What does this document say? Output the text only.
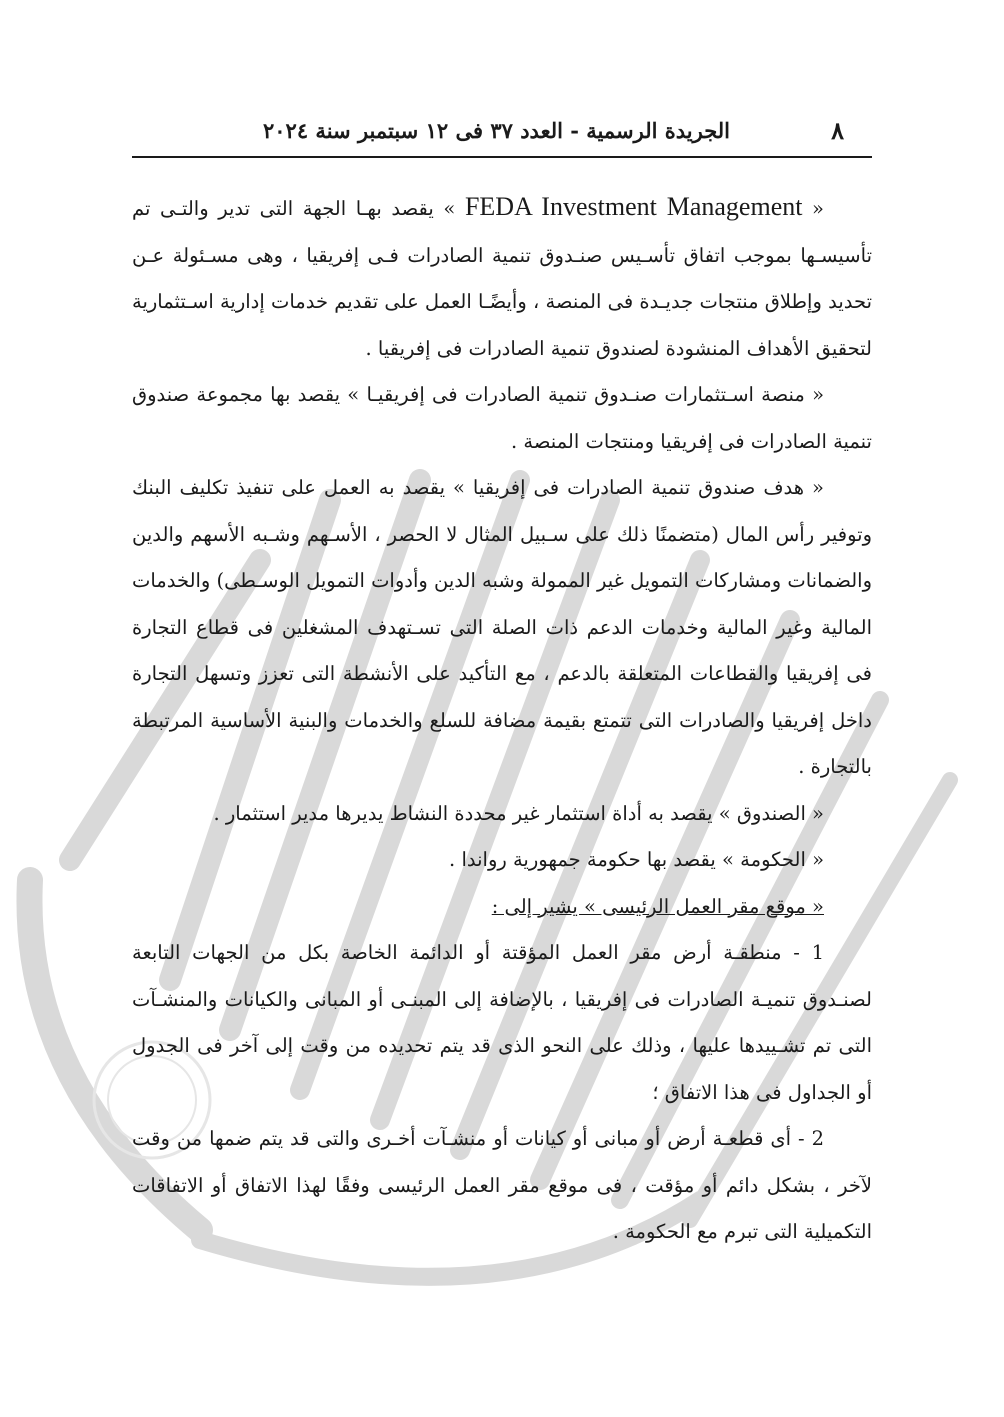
٨
الجريدة الرسمية - العدد ٣٧ فى ١٢ سبتمبر سنة ٢٠٢٤

« FEDA Investment Management » يقصد بهـا الجهة التى تدير والتـى تم تأسيسـها بموجب اتفاق تأسـيس صنـدوق تنمية الصادرات فـى إفريقيا ، وهى مسـئولة عـن تحديد وإطلاق منتجات جديـدة فى المنصة ، وأيضًـا العمل على تقديم خدمات إدارية اسـتثمارية لتحقيق الأهداف المنشودة لصندوق تنمية الصادرات فى إفريقيا .

« منصة اسـتثمارات صنـدوق تنمية الصادرات فى إفريقيـا » يقصد بها مجموعة صندوق تنمية الصادرات فى إفريقيا ومنتجات المنصة .

« هدف صندوق تنمية الصادرات فى إفريقيا » يقصد به العمل على تنفيذ تكليف البنك وتوفير رأس المال (متضمنًا ذلك على سـبيل المثال لا الحصر ، الأسـهم وشـبه الأسهم والدين والضمانات ومشاركات التمويل غير الممولة وشبه الدين وأدوات التمويل الوسـطى) والخدمات المالية وغير المالية وخدمات الدعم ذات الصلة التى تسـتهدف المشغلين فى قطاع التجارة فى إفريقيا والقطاعات المتعلقة بالدعم ، مع التأكيد على الأنشطة التى تعزز وتسهل التجارة داخل إفريقيا والصادرات التى تتمتع بقيمة مضافة للسلع والخدمات والبنية الأساسية المرتبطة بالتجارة .

« الصندوق » يقصد به أداة استثمار غير محددة النشاط يديرها مدير استثمار .

« الحكومة » يقصد بها حكومة جمهورية رواندا .

« موقع مقر العمل الرئيسى » يشير إلى :

1 - منطقـة أرض مقر العمل المؤقتة أو الدائمة الخاصة بكل من الجهات التابعة لصنـدوق تنميـة الصادرات فى إفريقيا ، بالإضافة إلى المبنـى أو المبانى والكيانات والمنشـآت التى تم تشـييدها عليها ، وذلك على النحو الذى قد يتم تحديده من وقت إلى آخر فى الجدول أو الجداول فى هذا الاتفاق ؛

2 - أى قطعـة أرض أو مبانى أو كيانات أو منشـآت أخـرى والتى قد يتم ضمها من وقت لآخر ، بشكل دائم أو مؤقت ، فى موقع مقر العمل الرئيسى وفقًا لهذا الاتفاق أو الاتفاقات التكميلية التى تبرم مع الحكومة .
